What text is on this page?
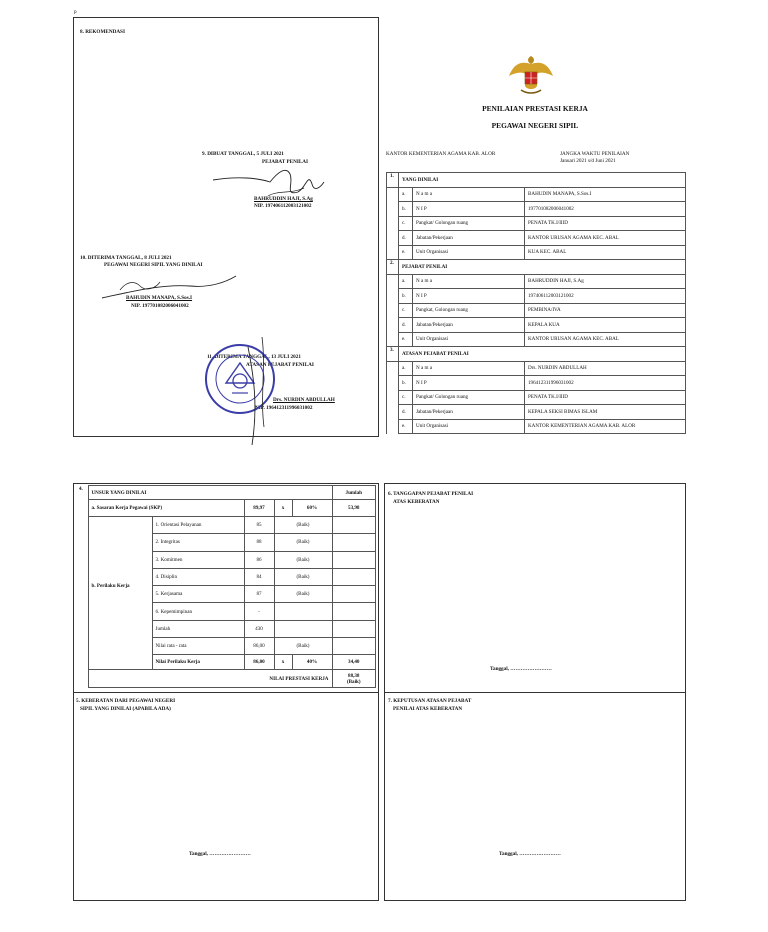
p
8. REKOMENDASI
9. DIBUAT TANGGAL, 5 JULI 2021
PEJABAT PENILAI
BAHRUDDIN HAJI, S.Ag
NIP. 197406112003121002
10. DITERIMA TANGGAL, 8 JULI 2021
PEGAWAI NEGERI SIPIL YANG DINILAI
BAHUDIN MANAPA, S.Sos.I
NIP. 197701082006041002
11. DITERIMA TANGGAL, 13 JULI 2021
ATASAN PEJABAT PENILAI
Drs. NURDIN ABDULLAH
NIP. 196412311996031002
PENILAIAN PRESTASI KERJA
PEGAWAI NEGERI SIPIL
KANTOR KEMENTERIAN AGAMA KAB. ALOR	JANGKA WAKTU PENILAIAN
Januari 2021 s/d Juni 2021
1.	YANG DINILAI		
	a.	N a m a	BAHUDIN MANAPA, S.Sos.I
	b.	N I P	197701082006041002
	c.	Pangkat/ Golongan ruang	PENATA TK.I/IIID
	d.	Jabatan/Pekerjaan	KANTOR URUSAN AGAMA KEC. ABAL
	e.	Unit Organisasi	KUA KEC. ABAL
2.	PEJABAT PENILAI		
	a.	N a m a	BAHRUDDIN HAJI, S.Ag
	b.	N I P	197406112003121002
	c.	Pangkat, Golongan ruang	PEMBINA/IVA
	d.	Jabatan/Pekerjaan	KEPALA KUA
	e.	Unit Organisasi	KANTOR URUSAN AGAMA KEC. ABAL
3.	ATASAN PEJABAT PENILAI		
	a.	N a m a	Drs. NURDIN ABDULLAH
	b.	N I P	196412311996031002
	c.	Pangkat/ Golongan ruang	PENATA TK.I/IIID
	d.	Jabatan/Pekerjaan	KEPALA SEKSI BIMAS ISLAM
	e.	Unit Organisasi	KANTOR KEMENTERIAN AGAMA KAB. ALOR
4.	UNSUR YANG DINILAI					Jumlah
	a. Sasaran Kerja Pegawai (SKP)		89,97	x	60%	53,98
	b. Perilaku Kerja	1. Orientasi Pelayanan	85	(Baik)		
		2. Integritas	88	(Baik)		
		3. Komitmen	86	(Baik)		
		4. Disiplin	84	(Baik)		
		5. Kerjasama	87	(Baik)		
		6. Kepemimpinan	-			
		Jumlah	430			
		Nilai rata - rata	86,00	(Baik)		
		Nilai Perilaku Kerja	86,00	x	40%	34,40
	NILAI PRESTASI KERJA					88,38
(Baik)
5. KEBERATAN DARI PEGAWAI NEGERI
SIPIL YANG DINILAI (APABILA ADA)
Tanggal, ……………………
6. TANGGAPAN PEJABAT PENILAI
ATAS KEBERATAN
Tanggal, ……………………
7. KEPUTUSAN ATASAN PEJABAT
PENILAI ATAS KEBERATAN
Tanggal, ……………………
